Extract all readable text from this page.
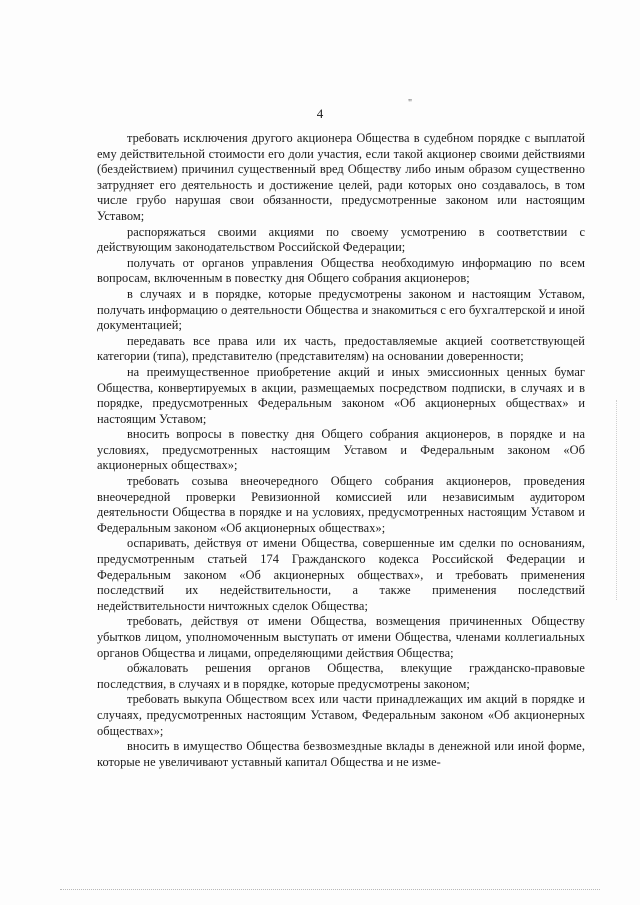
4
"

требовать исключения другого акционера Общества в судебном порядке с выплатой ему действительной стоимости его доли участия, если такой акционер своими действиями (бездействием) причинил существенный вред Обществу либо иным образом существенно затрудняет его деятельность и достижение целей, ради которых оно создавалось, в том числе грубо нарушая свои обязанности, предусмотренные законом или настоящим Уставом;

распоряжаться своими акциями по своему усмотрению в соответствии с действующим законодательством Российской Федерации;

получать от органов управления Общества необходимую информацию по всем вопросам, включенным в повестку дня Общего собрания акционеров;

в случаях и в порядке, которые предусмотрены законом и настоящим Уставом, получать информацию о деятельности Общества и знакомиться с его бухгалтерской и иной документацией;

передавать все права или их часть, предоставляемые акцией соответствующей категории (типа), представителю (представителям) на основании доверенности;

на преимущественное приобретение акций и иных эмиссионных ценных бумаг Общества, конвертируемых в акции, размещаемых посредством подписки, в случаях и в порядке, предусмотренных Федеральным законом «Об акционерных обществах» и настоящим Уставом;

вносить вопросы в повестку дня Общего собрания акционеров, в порядке и на условиях, предусмотренных настоящим Уставом и Федеральным законом «Об акционерных обществах»;

требовать созыва внеочередного Общего собрания акционеров, проведения внеочередной проверки Ревизионной комиссией или независимым аудитором деятельности Общества в порядке и на условиях, предусмотренных настоящим Уставом и Федеральным законом «Об акционерных обществах»;

оспаривать, действуя от имени Общества, совершенные им сделки по основаниям, предусмотренным статьей 174 Гражданского кодекса Российской Федерации и Федеральным законом «Об акционерных обществах», и требовать применения последствий их недействительности, а также применения последствий недействительности ничтожных сделок Общества;

требовать, действуя от имени Общества, возмещения причиненных Обществу убытков лицом, уполномоченным выступать от имени Общества, членами коллегиальных органов Общества и лицами, определяющими действия Общества;

обжаловать решения органов Общества, влекущие гражданско-правовые последствия, в случаях и в порядке, которые предусмотрены законом;

требовать выкупа Обществом всех или части принадлежащих им акций в порядке и случаях, предусмотренных настоящим Уставом, Федеральным законом «Об акционерных обществах»;

вносить в имущество Общества безвозмездные вклады в денежной или иной форме, которые не увеличивают уставный капитал Общества и не изме-
